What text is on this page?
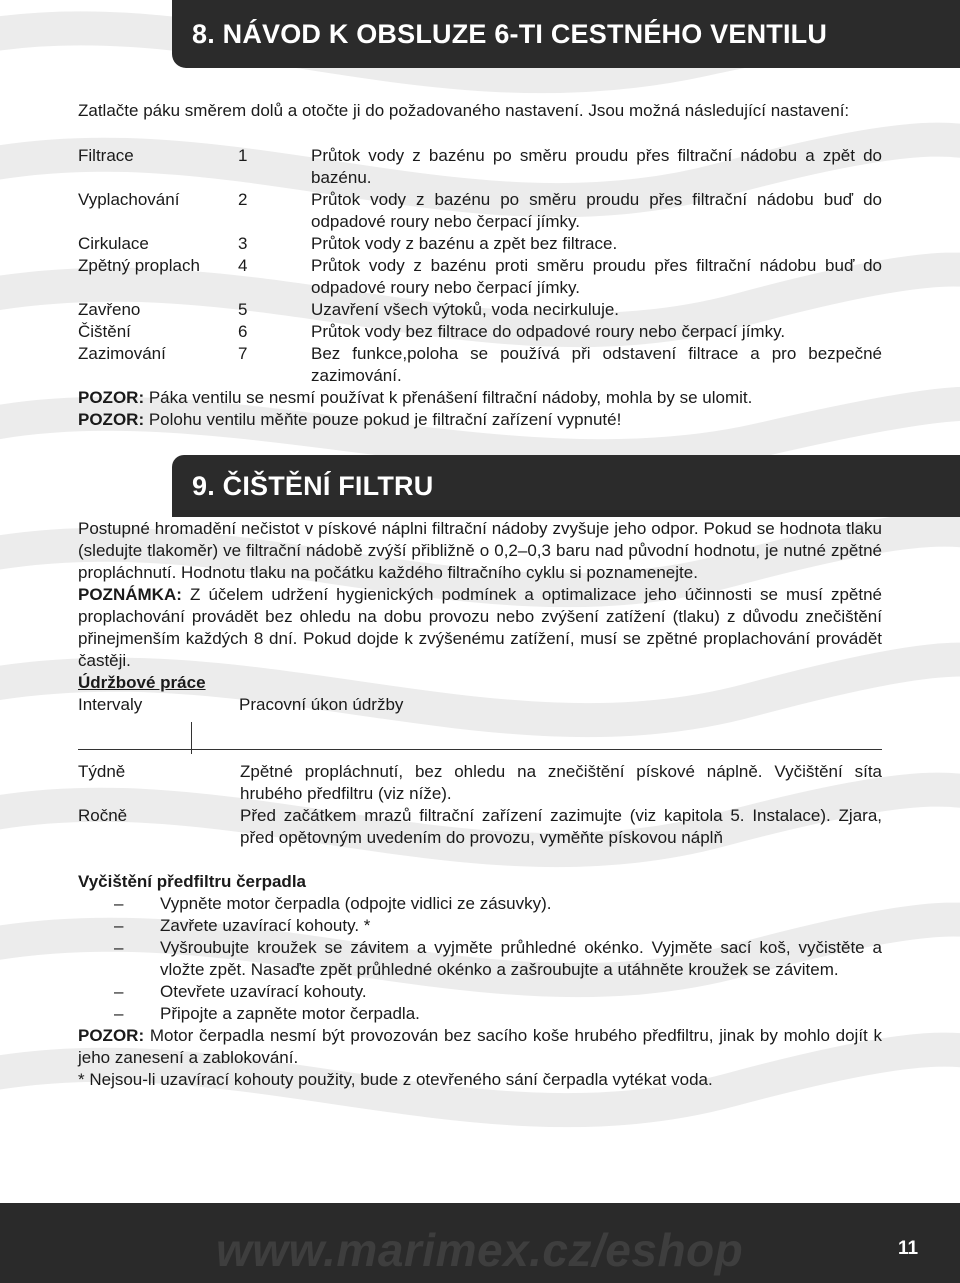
8. NÁVOD K OBSLUZE 6-TI CESTNÉHO VENTILU
Zatlačte páku směrem dolů a otočte ji do požadovaného nastavení. Jsou možná následující nastavení:
Filtrace	1	Průtok vody z bazénu po směru proudu přes filtrační nádobu a zpět do bazénu.
Vyplachování	2	Průtok vody z bazénu po směru proudu přes filtrační nádobu buď do odpadové roury nebo čerpací jímky.
Cirkulace	3	Průtok vody z bazénu a zpět bez filtrace.
Zpětný proplach	4	Průtok vody z bazénu proti směru proudu přes filtrační nádobu buď do odpadové roury nebo čerpací jímky.
Zavřeno	5	Uzavření všech výtoků, voda necirkuluje.
Čištění	6	Průtok vody bez filtrace do odpadové roury nebo čerpací jímky.
Zazimování	7	Bez funkce,poloha se používá při odstavení filtrace a pro bezpečné zazimování.
POZOR: Páka ventilu se nesmí používat k přenášení filtrační nádoby, mohla by se ulomit.
POZOR: Polohu ventilu měňte pouze pokud je filtrační zařízení vypnuté!
9. ČIŠTĚNÍ FILTRU
Postupné hromadění nečistot v pískové náplni filtrační nádoby zvyšuje jeho odpor. Pokud se hodnota tlaku (sledujte tlakoměr) ve filtrační nádobě zvýší přibližně o 0,2–0,3 baru nad původní hodnotu, je nutné zpětné propláchnutí. Hodnotu tlaku na počátku každého filtračního cyklu si poznamenejte.
POZNÁMKA: Z účelem udržení hygienických podmínek a optimalizace jeho účinnosti se musí zpětné proplachování provádět bez ohledu na dobu provozu nebo zvýšení zatížení (tlaku) z důvodu znečištění přinejmenším každých 8 dní. Pokud dojde k zvýšenému zatížení, musí se zpětné proplachování provádět častěji.
Údržbové práce
Intervaly	Pracovní úkon údržby
Týdně	Zpětné propláchnutí, bez ohledu na znečištění pískové náplně. Vyčištění síta hrubého předfiltru (viz níže).
Ročně	Před začátkem mrazů filtrační zařízení zazimujte (viz kapitola 5. Instalace). Zjara, před opětovným uvedením do provozu, vyměňte pískovou náplň
Vyčištění předfiltru čerpadla
–	Vypněte motor čerpadla (odpojte vidlici ze zásuvky).
–	Zavřete uzavírací kohouty. *
–	Vyšroubujte kroužek se závitem a vyjměte průhledné okénko. Vyjměte sací koš, vyčistěte a vložte zpět. Nasaďte zpět průhledné okénko a zašroubujte a utáhněte kroužek se závitem.
–	Otevřete uzavírací kohouty.
–	Připojte a zapněte motor čerpadla.
POZOR: Motor čerpadla nesmí být provozován bez sacího koše hrubého předfiltru, jinak by mohlo dojít k jeho zanesení a zablokování.
* Nejsou-li uzavírací kohouty použity, bude z otevřeného sání čerpadla vytékat voda.
www.marimex.cz/eshop	11
